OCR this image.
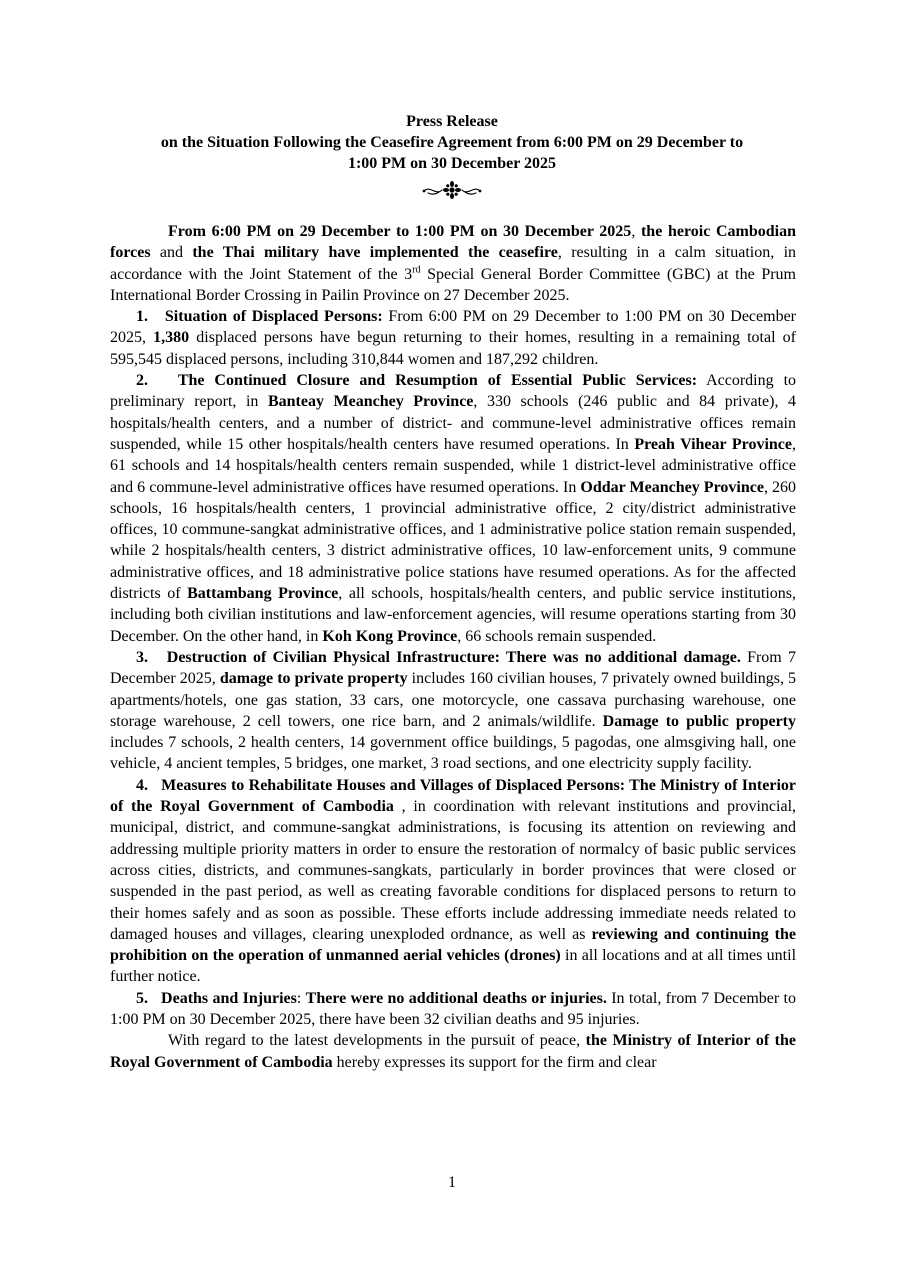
Press Release
on the Situation Following the Ceasefire Agreement from 6:00 PM on 29 December to
1:00 PM on 30 December 2025

From 6:00 PM on 29 December to 1:00 PM on 30 December 2025, the heroic Cambodian forces and the Thai military have implemented the ceasefire, resulting in a calm situation, in accordance with the Joint Statement of the 3rd Special General Border Committee (GBC) at the Prum International Border Crossing in Pailin Province on 27 December 2025.

1. Situation of Displaced Persons: From 6:00 PM on 29 December to 1:00 PM on 30 December 2025, 1,380 displaced persons have begun returning to their homes, resulting in a remaining total of 595,545 displaced persons, including 310,844 women and 187,292 children.

2. The Continued Closure and Resumption of Essential Public Services: According to preliminary report, in Banteay Meanchey Province, 330 schools (246 public and 84 private), 4 hospitals/health centers, and a number of district- and commune-level administrative offices remain suspended, while 15 other hospitals/health centers have resumed operations. In Preah Vihear Province, 61 schools and 14 hospitals/health centers remain suspended, while 1 district-level administrative office and 6 commune-level administrative offices have resumed operations. In Oddar Meanchey Province, 260 schools, 16 hospitals/health centers, 1 provincial administrative office, 2 city/district administrative offices, 10 commune-sangkat administrative offices, and 1 administrative police station remain suspended, while 2 hospitals/health centers, 3 district administrative offices, 10 law-enforcement units, 9 commune administrative offices, and 18 administrative police stations have resumed operations. As for the affected districts of Battambang Province, all schools, hospitals/health centers, and public service institutions, including both civilian institutions and law-enforcement agencies, will resume operations starting from 30 December. On the other hand, in Koh Kong Province, 66 schools remain suspended.

3. Destruction of Civilian Physical Infrastructure: There was no additional damage. From 7 December 2025, damage to private property includes 160 civilian houses, 7 privately owned buildings, 5 apartments/hotels, one gas station, 33 cars, one motorcycle, one cassava purchasing warehouse, one storage warehouse, 2 cell towers, one rice barn, and 2 animals/wildlife. Damage to public property includes 7 schools, 2 health centers, 14 government office buildings, 5 pagodas, one almsgiving hall, one vehicle, 4 ancient temples, 5 bridges, one market, 3 road sections, and one electricity supply facility.

4. Measures to Rehabilitate Houses and Villages of Displaced Persons: The Ministry of Interior of the Royal Government of Cambodia , in coordination with relevant institutions and provincial, municipal, district, and commune-sangkat administrations, is focusing its attention on reviewing and addressing multiple priority matters in order to ensure the restoration of normalcy of basic public services across cities, districts, and communes-sangkats, particularly in border provinces that were closed or suspended in the past period, as well as creating favorable conditions for displaced persons to return to their homes safely and as soon as possible. These efforts include addressing immediate needs related to damaged houses and villages, clearing unexploded ordnance, as well as reviewing and continuing the prohibition on the operation of unmanned aerial vehicles (drones) in all locations and at all times until further notice.

5. Deaths and Injuries: There were no additional deaths or injuries. In total, from 7 December to 1:00 PM on 30 December 2025, there have been 32 civilian deaths and 95 injuries.

With regard to the latest developments in the pursuit of peace, the Ministry of Interior of the Royal Government of Cambodia hereby expresses its support for the firm and clear

1
